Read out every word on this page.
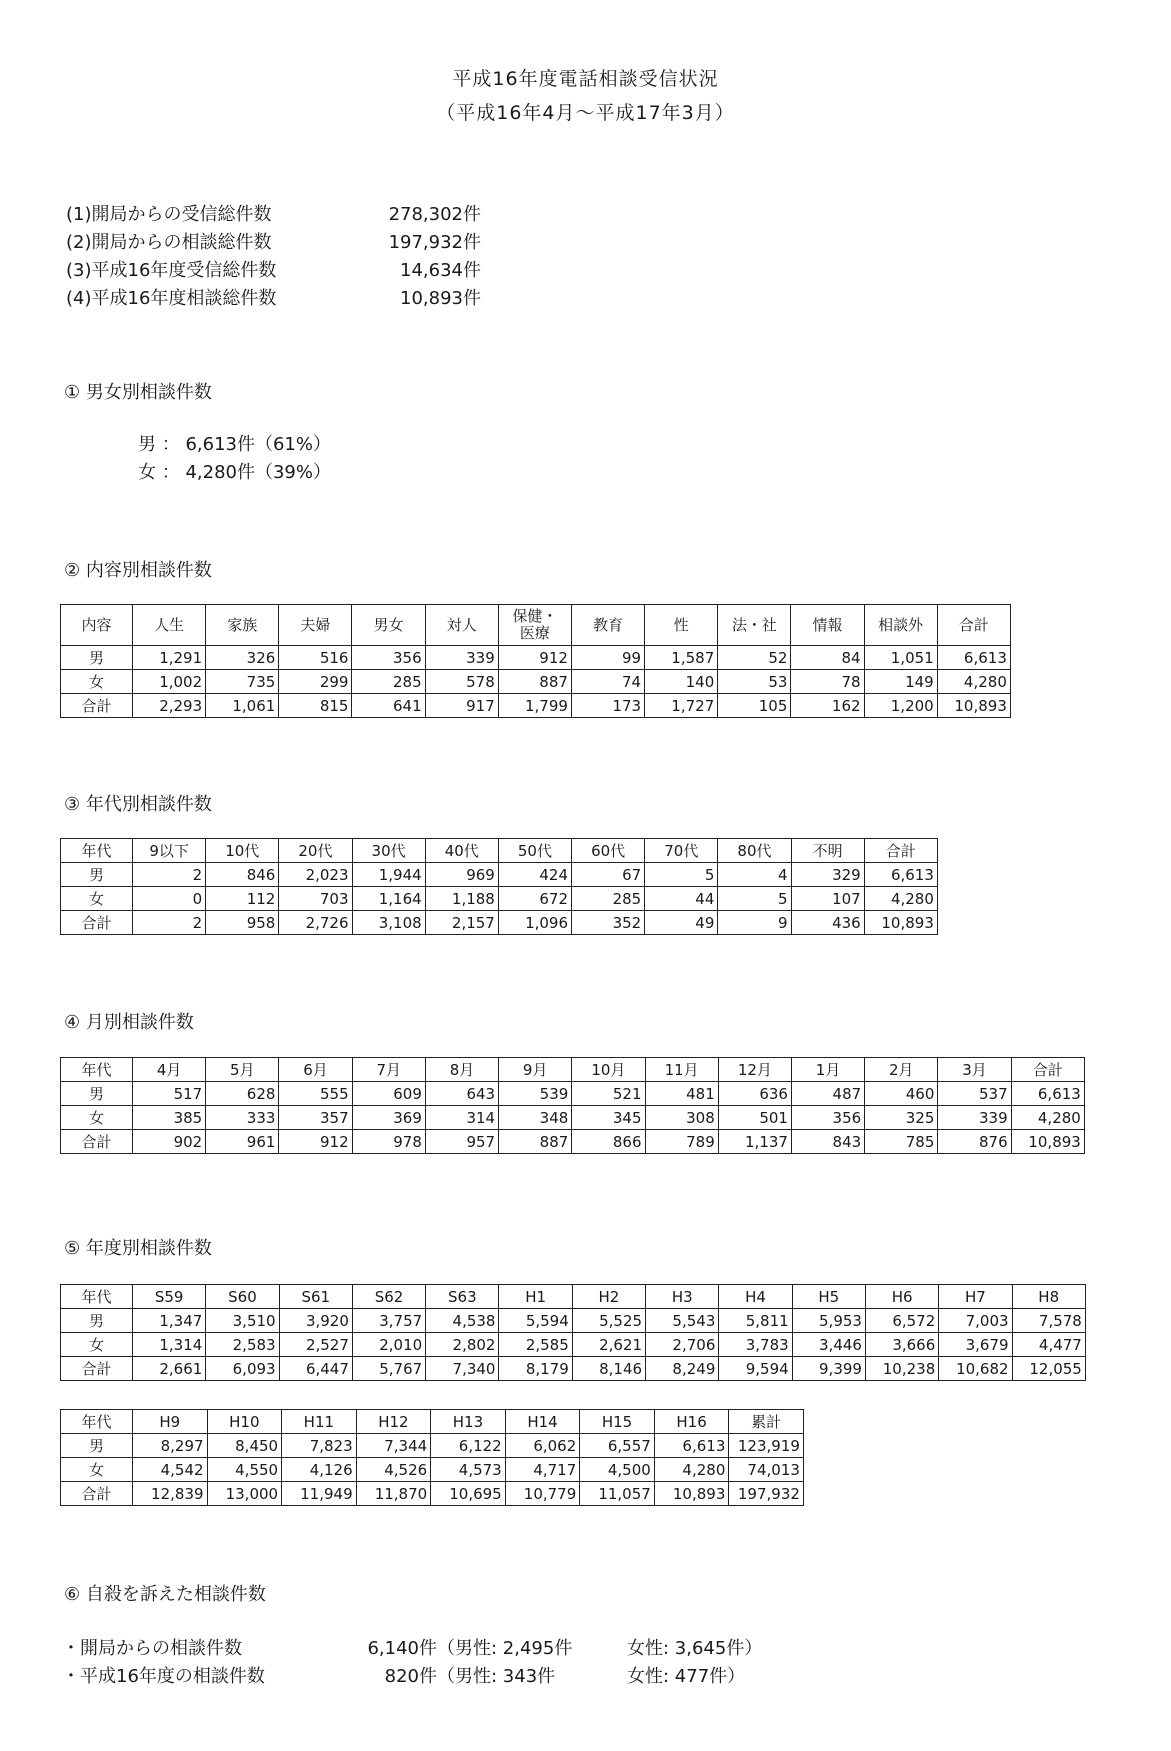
平成16年度電話相談受信状況
（平成16年4月～平成17年3月）
(1)開局からの受信総件数	278,302件
(2)開局からの相談総件数	197,932件
(3)平成16年度受信総件数	14,634件
(4)平成16年度相談総件数	10,893件
① 男女別相談件数
男 ： 6,613件（61%）
女 ： 4,280件（39%）
② 内容別相談件数
内容	人生	家族	夫婦	男女	対人	保健・
医療	教育	性	法・社	情報	相談外	合計
男	1,291	326	516	356	339	912	99	1,587	52	84	1,051	6,613
女	1,002	735	299	285	578	887	74	140	53	78	149	4,280
合計	2,293	1,061	815	641	917	1,799	173	1,727	105	162	1,200	10,893
③ 年代別相談件数
年代	9以下	10代	20代	30代	40代	50代	60代	70代	80代	不明	合計
男	2	846	2,023	1,944	969	424	67	5	4	329	6,613
女	0	112	703	1,164	1,188	672	285	44	5	107	4,280
合計	2	958	2,726	3,108	2,157	1,096	352	49	9	436	10,893
④ 月別相談件数
年代	4月	5月	6月	7月	8月	9月	10月	11月	12月	1月	2月	3月	合計
男	517	628	555	609	643	539	521	481	636	487	460	537	6,613
女	385	333	357	369	314	348	345	308	501	356	325	339	4,280
合計	902	961	912	978	957	887	866	789	1,137	843	785	876	10,893
⑤ 年度別相談件数
年代	S59	S60	S61	S62	S63	H1	H2	H3	H4	H5	H6	H7	H8
男	1,347	3,510	3,920	3,757	4,538	5,594	5,525	5,543	5,811	5,953	6,572	7,003	7,578
女	1,314	2,583	2,527	2,010	2,802	2,585	2,621	2,706	3,783	3,446	3,666	3,679	4,477
合計	2,661	6,093	6,447	5,767	7,340	8,179	8,146	8,249	9,594	9,399	10,238	10,682	12,055
年代	H9	H10	H11	H12	H13	H14	H15	H16	累計
男	8,297	8,450	7,823	7,344	6,122	6,062	6,557	6,613	123,919
女	4,542	4,550	4,126	4,526	4,573	4,717	4,500	4,280	74,013
合計	12,839	13,000	11,949	11,870	10,695	10,779	11,057	10,893	197,932
⑥ 自殺を訴えた相談件数
・開局からの相談件数	6,140件（男性: 2,495件	女性: 3,645件）
・平成16年度の相談件数	820件（男性: 343件	女性: 477件）
